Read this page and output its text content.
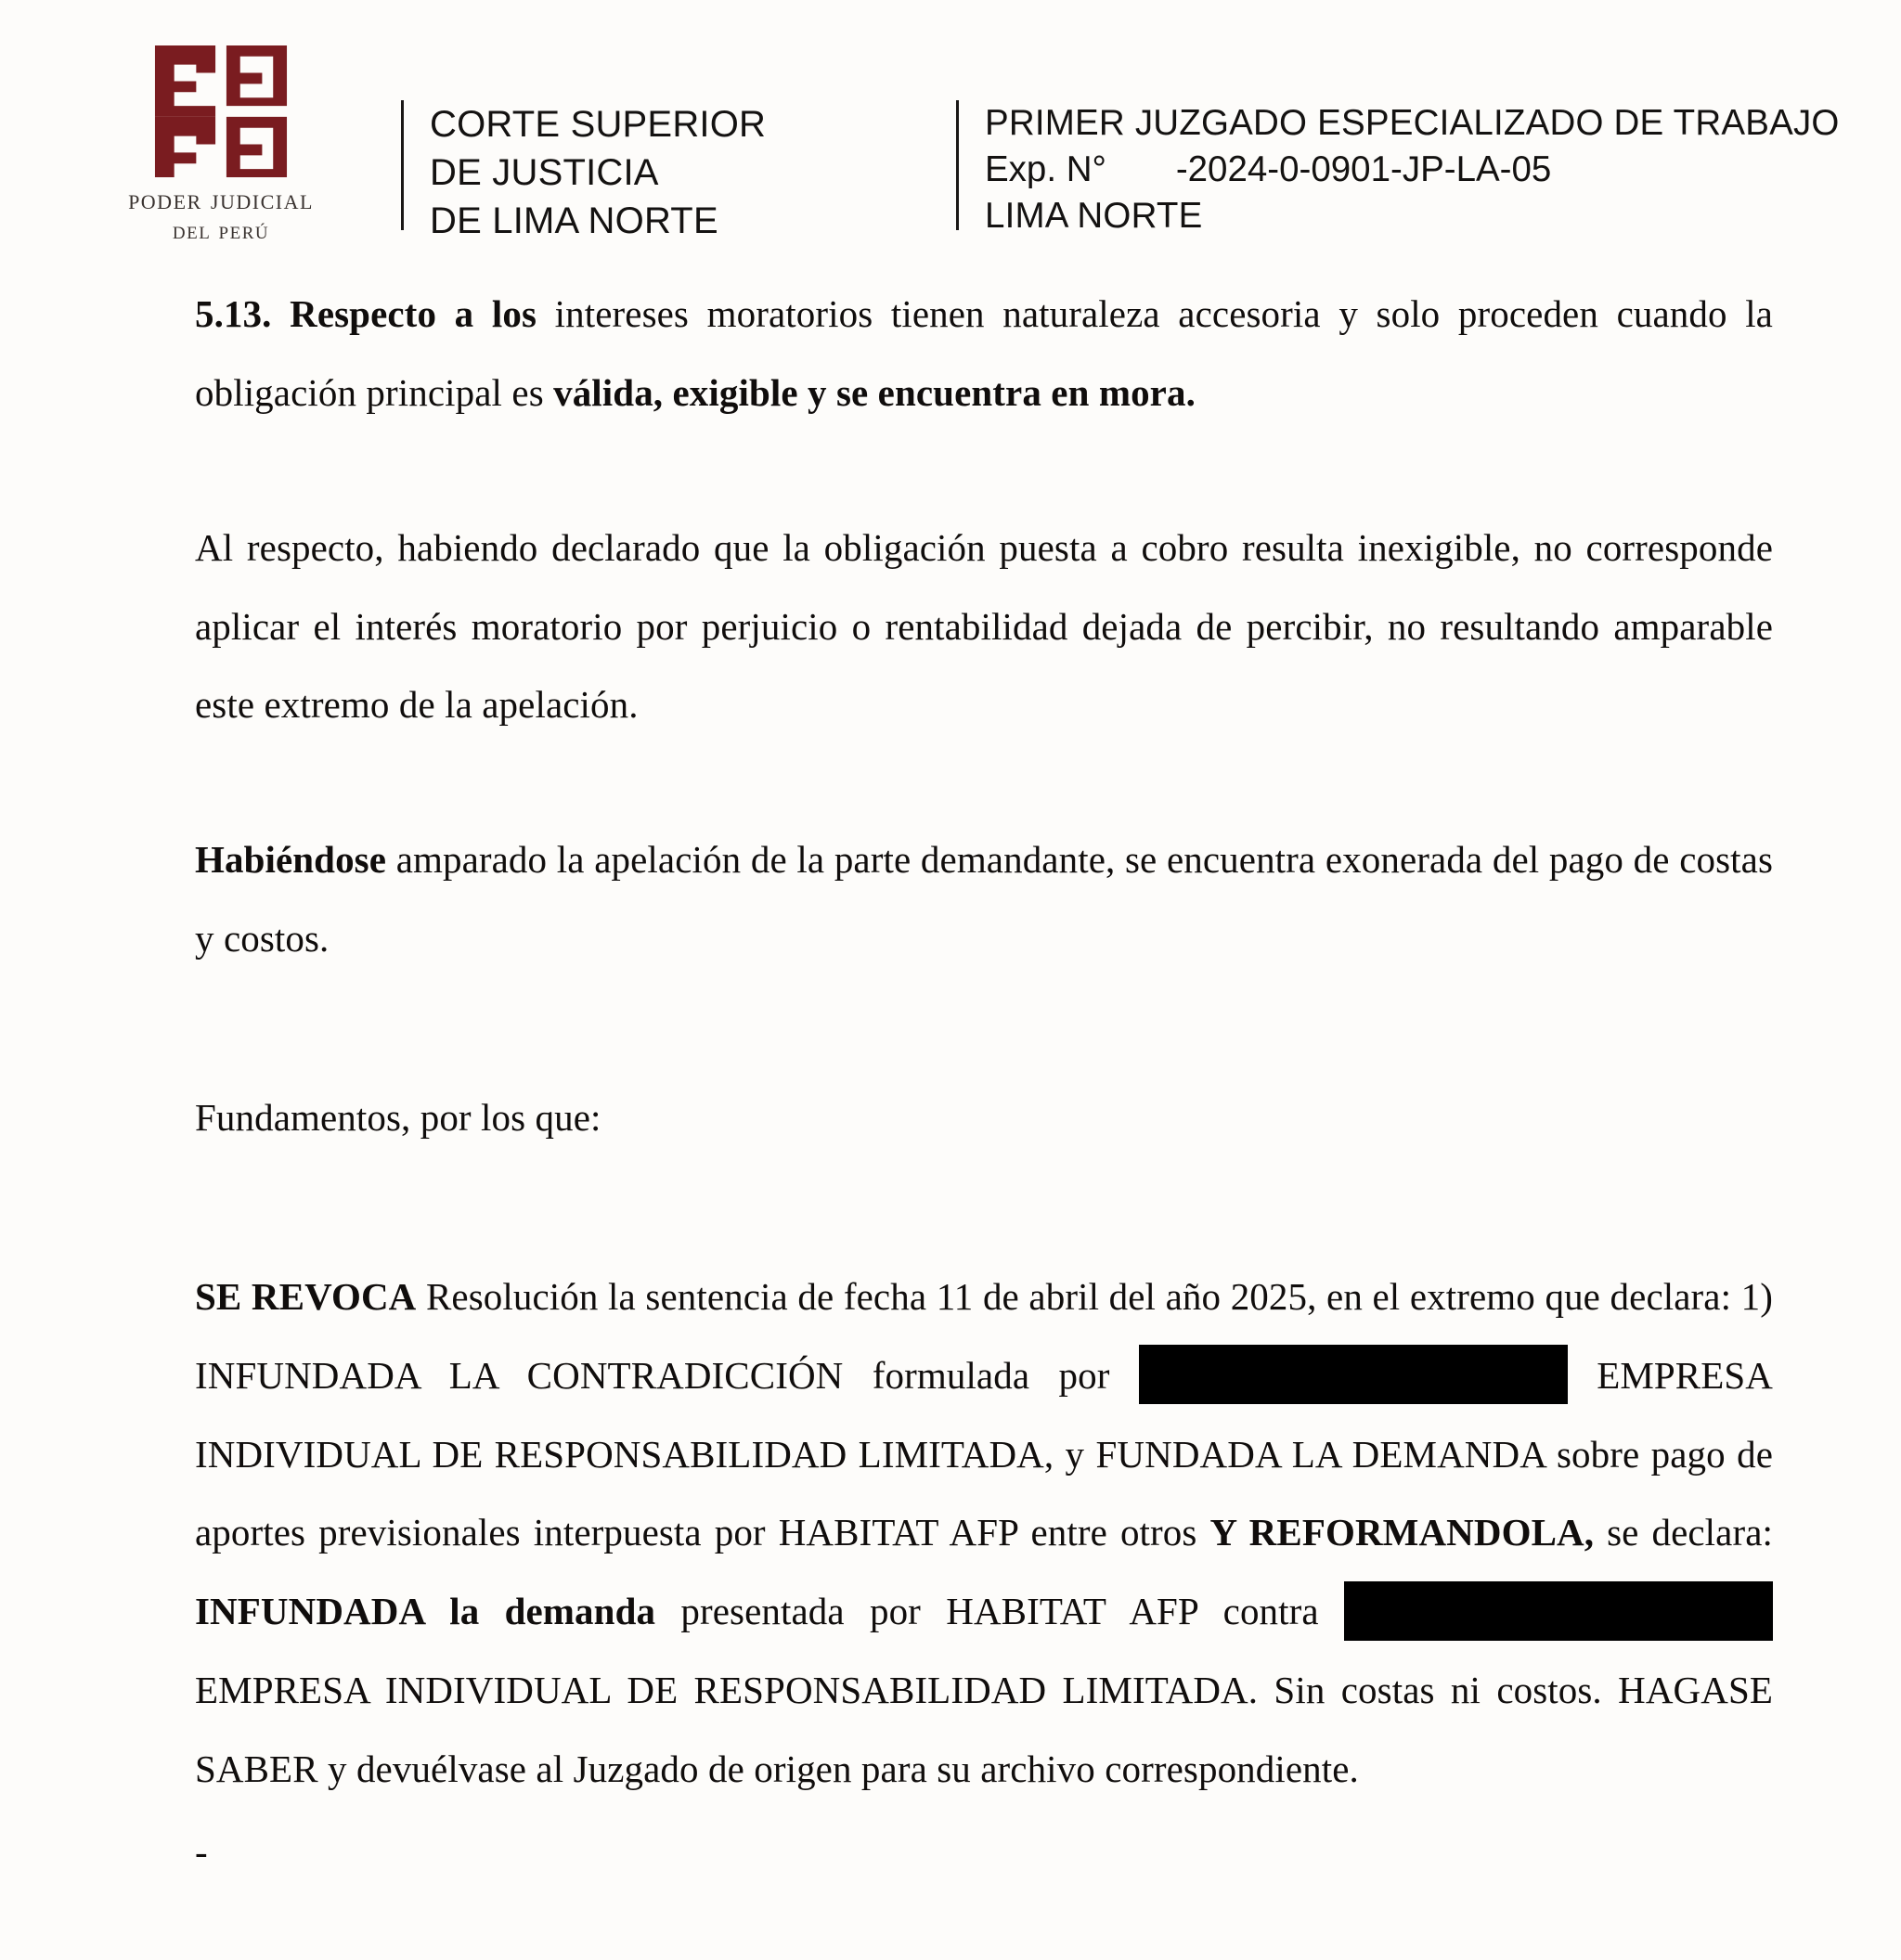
poder judicial
del perú
CORTE SUPERIOR
DE JUSTICIA
DE LIMA NORTE
PRIMER JUZGADO ESPECIALIZADO DE TRABAJO
Exp. N° -2024-0-0901-JP-LA-05
LIMA NORTE

5.13. Respecto a los intereses moratorios tienen naturaleza accesoria y solo proceden cuando la obligación principal es válida, exigible y se encuentra en mora.

Al respecto, habiendo declarado que la obligación puesta a cobro resulta inexigible, no corresponde aplicar el interés moratorio por perjuicio o rentabilidad dejada de percibir, no resultando amparable este extremo de la apelación.

Habiéndose amparado la apelación de la parte demandante, se encuentra exonerada del pago de costas y costos.

Fundamentos, por los que:

SE REVOCA Resolución la sentencia de fecha 11 de abril del año 2025, en el extremo que declara: 1) INFUNDADA LA CONTRADICCIÓN formulada por	EMPRESA INDIVIDUAL DE RESPONSABILIDAD LIMITADA, y FUNDADA LA DEMANDA sobre pago de aportes previsionales interpuesta por HABITAT AFP entre otros Y REFORMANDOLA, se declara: INFUNDADA la demanda presentada por HABITAT AFP contra  EMPRESA INDIVIDUAL DE RESPONSABILIDAD LIMITADA. Sin costas ni costos. HAGASE SABER y devuélvase al Juzgado de origen para su archivo correspondiente.
-
